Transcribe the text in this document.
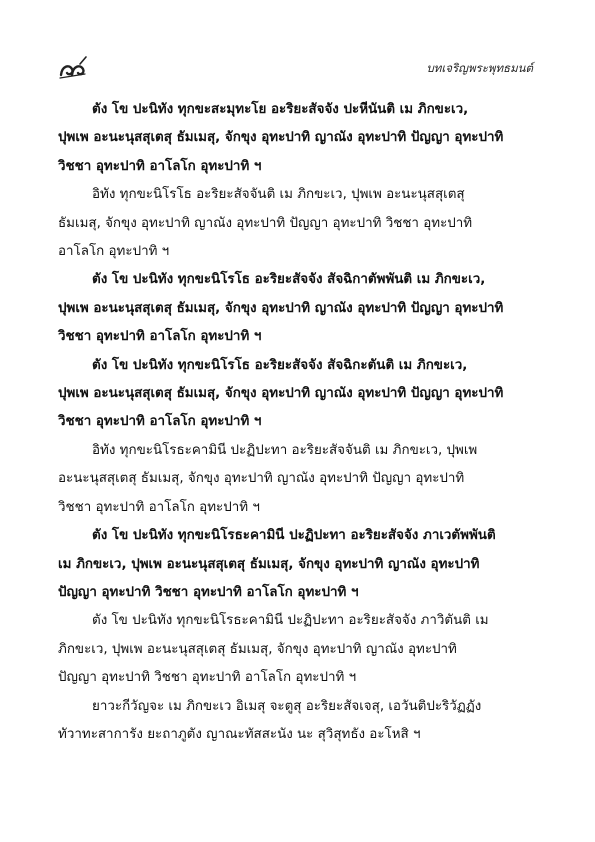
บทเจริญพระพุทธมนต์

ตัง โข ปะนิทัง ทุกขะสะมุทะโย อะริยะสัจจัง ปะหีนันติ เม ภิกขะเว,
ปุพเพ อะนะนุสสุเตสุ ธัมเมสุ, จักขุง อุทะปาทิ ญาณัง อุทะปาทิ ปัญญา อุทะปาทิ
วิชชา อุทะปาทิ อาโลโก อุทะปาทิ ฯ

อิทัง ทุกขะนิโรโธ อะริยะสัจจันติ เม ภิกขะเว, ปุพเพ อะนะนุสสุเตสุ
ธัมเมสุ, จักขุง อุทะปาทิ ญาณัง อุทะปาทิ ปัญญา อุทะปาทิ วิชชา อุทะปาทิ
อาโลโก อุทะปาทิ ฯ

ตัง โข ปะนิทัง ทุกขะนิโรโธ อะริยะสัจจัง สัจฉิกาตัพพันติ เม ภิกขะเว,
ปุพเพ อะนะนุสสุเตสุ ธัมเมสุ, จักขุง อุทะปาทิ ญาณัง อุทะปาทิ ปัญญา อุทะปาทิ
วิชชา อุทะปาทิ อาโลโก อุทะปาทิ ฯ

ตัง โข ปะนิทัง ทุกขะนิโรโธ อะริยะสัจจัง สัจฉิกะตันติ เม ภิกขะเว,
ปุพเพ อะนะนุสสุเตสุ ธัมเมสุ, จักขุง อุทะปาทิ ญาณัง อุทะปาทิ ปัญญา อุทะปาทิ
วิชชา อุทะปาทิ อาโลโก อุทะปาทิ ฯ

อิทัง ทุกขะนิโรธะคามินี ปะฏิปะทา อะริยะสัจจันติ เม ภิกขะเว, ปุพเพ
อะนะนุสสุเตสุ ธัมเมสุ, จักขุง อุทะปาทิ ญาณัง อุทะปาทิ ปัญญา อุทะปาทิ
วิชชา อุทะปาทิ อาโลโก อุทะปาทิ ฯ

ตัง โข ปะนิทัง ทุกขะนิโรธะคามินี ปะฏิปะทา อะริยะสัจจัง ภาเวตัพพันติ
เม ภิกขะเว, ปุพเพ อะนะนุสสุเตสุ ธัมเมสุ, จักขุง อุทะปาทิ ญาณัง อุทะปาทิ
ปัญญา อุทะปาทิ วิชชา อุทะปาทิ อาโลโก อุทะปาทิ ฯ

ตัง โข ปะนิทัง ทุกขะนิโรธะคามินี ปะฏิปะทา อะริยะสัจจัง ภาวิตันติ เม
ภิกขะเว, ปุพเพ อะนะนุสสุเตสุ ธัมเมสุ, จักขุง อุทะปาทิ ญาณัง อุทะปาทิ
ปัญญา อุทะปาทิ วิชชา อุทะปาทิ อาโลโก อุทะปาทิ ฯ

ยาวะกีวัญจะ เม ภิกขะเว อิเมสุ จะตูสุ อะริยะสัจเจสุ, เอวันติปะริวัฏฏัง
ทัวาทะสาการัง ยะถาภูตัง ญาณะทัสสะนัง นะ สุวิสุทธัง อะโหสิ ฯ
